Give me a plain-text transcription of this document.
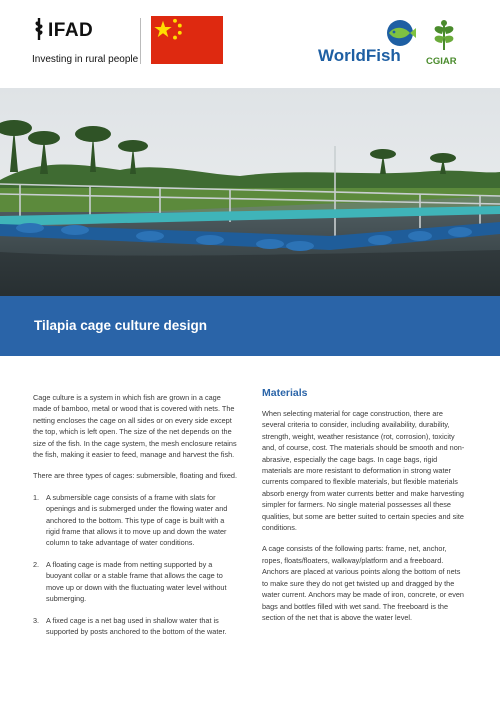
IFAD
Investing in rural people	WorldFish	CGIAR
Tilapia cage culture design

Cage culture is a system in which fish are grown in a cage made of bamboo, metal or wood that is covered with nets. The netting encloses the cage on all sides or on every side except the top, which is left open. The size of the net depends on the size of the fish. In the cage system, the mesh enclosure retains the fish, making it easier to feed, manage and harvest the fish.

There are three types of cages: submersible, floating and fixed.

1. A submersible cage consists of a frame with slats for openings and is submerged under the flowing water and anchored to the bottom. This type of cage is built with a rigid frame that allows it to move up and down the water column to take advantage of water conditions.
2. A floating cage is made from netting supported by a buoyant collar or a stable frame that allows the cage to move up or down with the fluctuating water level without submerging.
3. A fixed cage is a net bag used in shallow water that is supported by posts anchored to the bottom of the water.
Materials

When selecting material for cage construction, there are several criteria to consider, including availability, durability, strength, weight, weather resistance (rot, corrosion), toxicity and, of course, cost. The materials should be smooth and non-abrasive, especially the cage bags. In cage bags, rigid materials are more resistant to deformation in strong water currents compared to flexible materials, but flexible materials absorb energy from water currents better and make harvesting simpler for farmers. No single material possesses all these qualities, but some are better suited to certain species and site conditions.

A cage consists of the following parts: frame, net, anchor, ropes, floats/floaters, walkway/platform and a freeboard. Anchors are placed at various points along the bottom of nets to make sure they do not get twisted up and dragged by the water current. Anchors may be made of iron, concrete, or even bags and bottles filled with wet sand. The freeboard is the section of the net that is above the water level.
